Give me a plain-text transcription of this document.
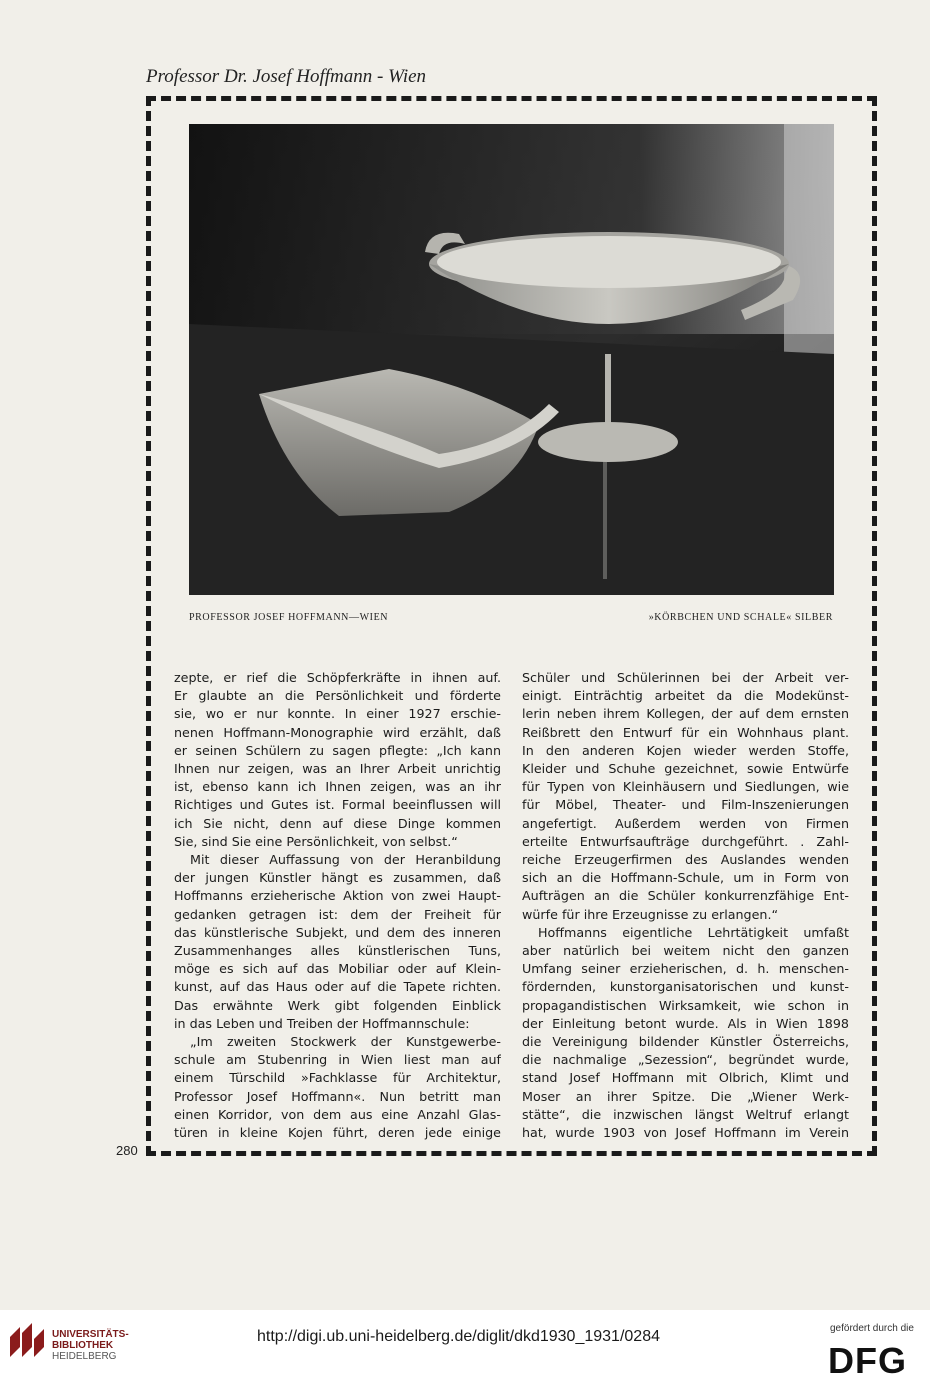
Professor Dr. Josef Hoffmann - Wien
PROFESSOR JOSEF HOFFMANN—WIEN	»KÖRBCHEN UND SCHALE« SILBER
zepte, er rief die Schöpferkräfte in ihnen auf.
Er glaubte an die Persönlichkeit und förderte
sie, wo er nur konnte. In einer 1927 erschie-
nenen Hoffmann-Monographie wird erzählt, daß
er seinen Schülern zu sagen pflegte: „Ich kann
Ihnen nur zeigen, was an Ihrer Arbeit unrichtig
ist, ebenso kann ich Ihnen zeigen, was an ihr
Richtiges und Gutes ist. Formal beeinflussen will
ich Sie nicht, denn auf diese Dinge kommen
Sie, sind Sie eine Persönlichkeit, von selbst.“
Mit dieser Auffassung von der Heranbildung
der jungen Künstler hängt es zusammen, daß
Hoffmanns erzieherische Aktion von zwei Haupt-
gedanken getragen ist: dem der Freiheit für
das künstlerische Subjekt, und dem des inneren
Zusammenhanges alles künstlerischen Tuns,
möge es sich auf das Mobiliar oder auf Klein-
kunst, auf das Haus oder auf die Tapete richten.
Das erwähnte Werk gibt folgenden Einblick
in das Leben und Treiben der Hoffmannschule:
„Im zweiten Stockwerk der Kunstgewerbe-
schule am Stubenring in Wien liest man auf
einem Türschild »Fachklasse für Architektur,
Professor Josef Hoffmann«. Nun betritt man
einen Korridor, von dem aus eine Anzahl Glas-
türen in kleine Kojen führt, deren jede einige
Schüler und Schülerinnen bei der Arbeit ver-
einigt. Einträchtig arbeitet da die Modekünst-
lerin neben ihrem Kollegen, der auf dem ernsten
Reißbrett den Entwurf für ein Wohnhaus plant.
In den anderen Kojen wieder werden Stoffe,
Kleider und Schuhe gezeichnet, sowie Entwürfe
für Typen von Kleinhäusern und Siedlungen, wie
für Möbel, Theater- und Film-Inszenierungen
angefertigt. Außerdem werden von Firmen
erteilte Entwurfsaufträge durchgeführt. . Zahl-
reiche Erzeugerfirmen des Auslandes wenden
sich an die Hoffmann-Schule, um in Form von
Aufträgen an die Schüler konkurrenzfähige Ent-
würfe für ihre Erzeugnisse zu erlangen.“
Hoffmanns eigentliche Lehrtätigkeit umfaßt
aber natürlich bei weitem nicht den ganzen
Umfang seiner erzieherischen, d. h. menschen-
fördernden, kunstorganisatorischen und kunst-
propagandistischen Wirksamkeit, wie schon in
der Einleitung betont wurde. Als in Wien 1898
die Vereinigung bildender Künstler Österreichs,
die nachmalige „Sezession“, begründet wurde,
stand Josef Hoffmann mit Olbrich, Klimt und
Moser an ihrer Spitze. Die „Wiener Werk-
stätte“, die inzwischen längst Weltruf erlangt
hat, wurde 1903 von Josef Hoffmann im Verein
280
UNIVERSITÄTS-
BIBLIOTHEK
HEIDELBERG
http://digi.ub.uni-heidelberg.de/diglit/dkd1930_1931/0284	gefördert durch die
DFG
